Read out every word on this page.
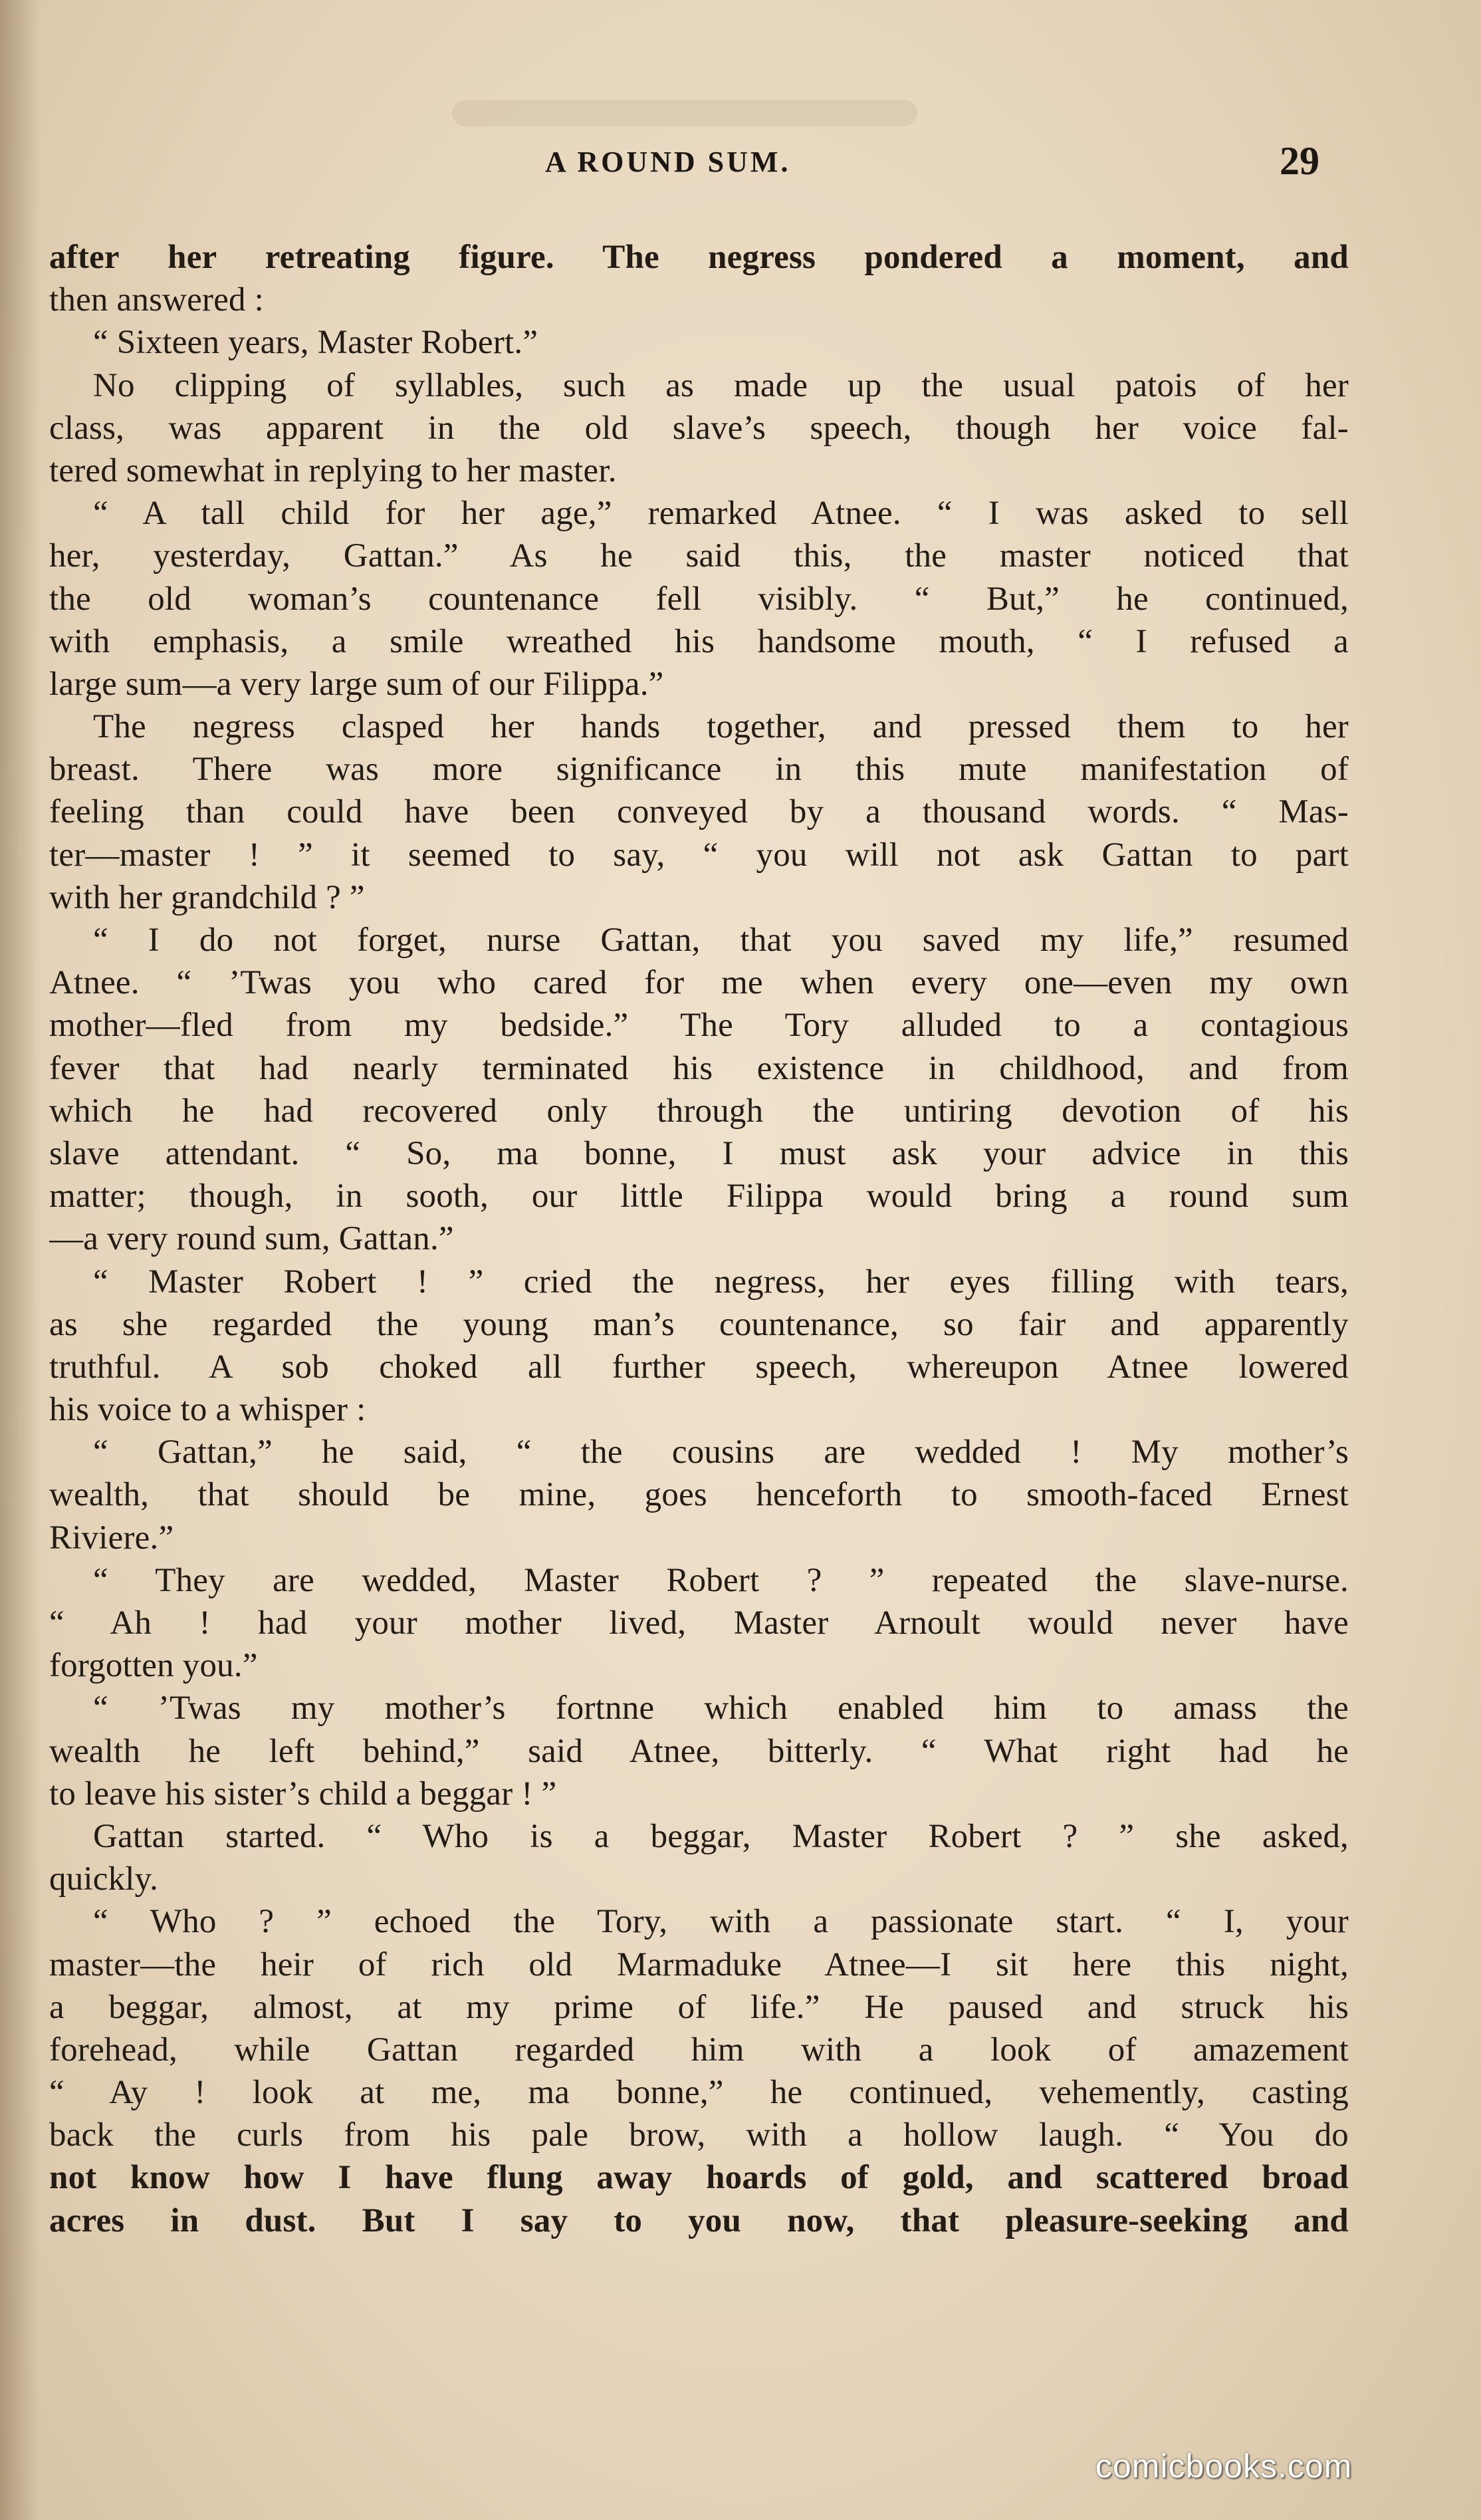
A ROUND SUM.	29
after her retreating figure. The negress pondered a moment, and
then answered :
“ Sixteen years, Master Robert.”
No clipping of syllables, such as made up the usual patois of her
class, was apparent in the old slave’s speech, though her voice fal-
tered somewhat in replying to her master.
“ A tall child for her age,” remarked Atnee. “ I was asked to sell
her, yesterday, Gattan.” As he said this, the master noticed that
the old woman’s countenance fell visibly. “ But,” he continued,
with emphasis, a smile wreathed his handsome mouth, “ I refused a
large sum—a very large sum of our Filippa.”
The negress clasped her hands together, and pressed them to her
breast. There was more significance in this mute manifestation of
feeling than could have been conveyed by a thousand words. “ Mas-
ter—master ! ” it seemed to say, “ you will not ask Gattan to part
with her grandchild ? ”
“ I do not forget, nurse Gattan, that you saved my life,” resumed
Atnee. “ ’Twas you who cared for me when every one—even my own
mother—fled from my bedside.” The Tory alluded to a contagious
fever that had nearly terminated his existence in childhood, and from
which he had recovered only through the untiring devotion of his
slave attendant. “ So, ma bonne, I must ask your advice in this
matter; though, in sooth, our little Filippa would bring a round sum
—a very round sum, Gattan.”
“ Master Robert ! ” cried the negress, her eyes filling with tears,
as she regarded the young man’s countenance, so fair and apparently
truthful. A sob choked all further speech, whereupon Atnee lowered
his voice to a whisper :
“ Gattan,” he said, “ the cousins are wedded ! My mother’s
wealth, that should be mine, goes henceforth to smooth-faced Ernest
Riviere.”
“ They are wedded, Master Robert ? ” repeated the slave-nurse.
“ Ah ! had your mother lived, Master Arnoult would never have
forgotten you.”
“ ’Twas my mother’s fortnne which enabled him to amass the
wealth he left behind,” said Atnee, bitterly. “ What right had he
to leave his sister’s child a beggar ! ”
Gattan started. “ Who is a beggar, Master Robert ? ” she asked,
quickly.
“ Who ? ” echoed the Tory, with a passionate start. “ I, your
master—the heir of rich old Marmaduke Atnee—I sit here this night,
a beggar, almost, at my prime of life.” He paused and struck his
forehead, while Gattan regarded him with a look of amazement
“ Ay ! look at me, ma bonne,” he continued, vehemently, casting
back the curls from his pale brow, with a hollow laugh. “ You do
not know how I have flung away hoards of gold, and scattered broad
acres in dust. But I say to you now, that pleasure-seeking and
comicbooks.com
